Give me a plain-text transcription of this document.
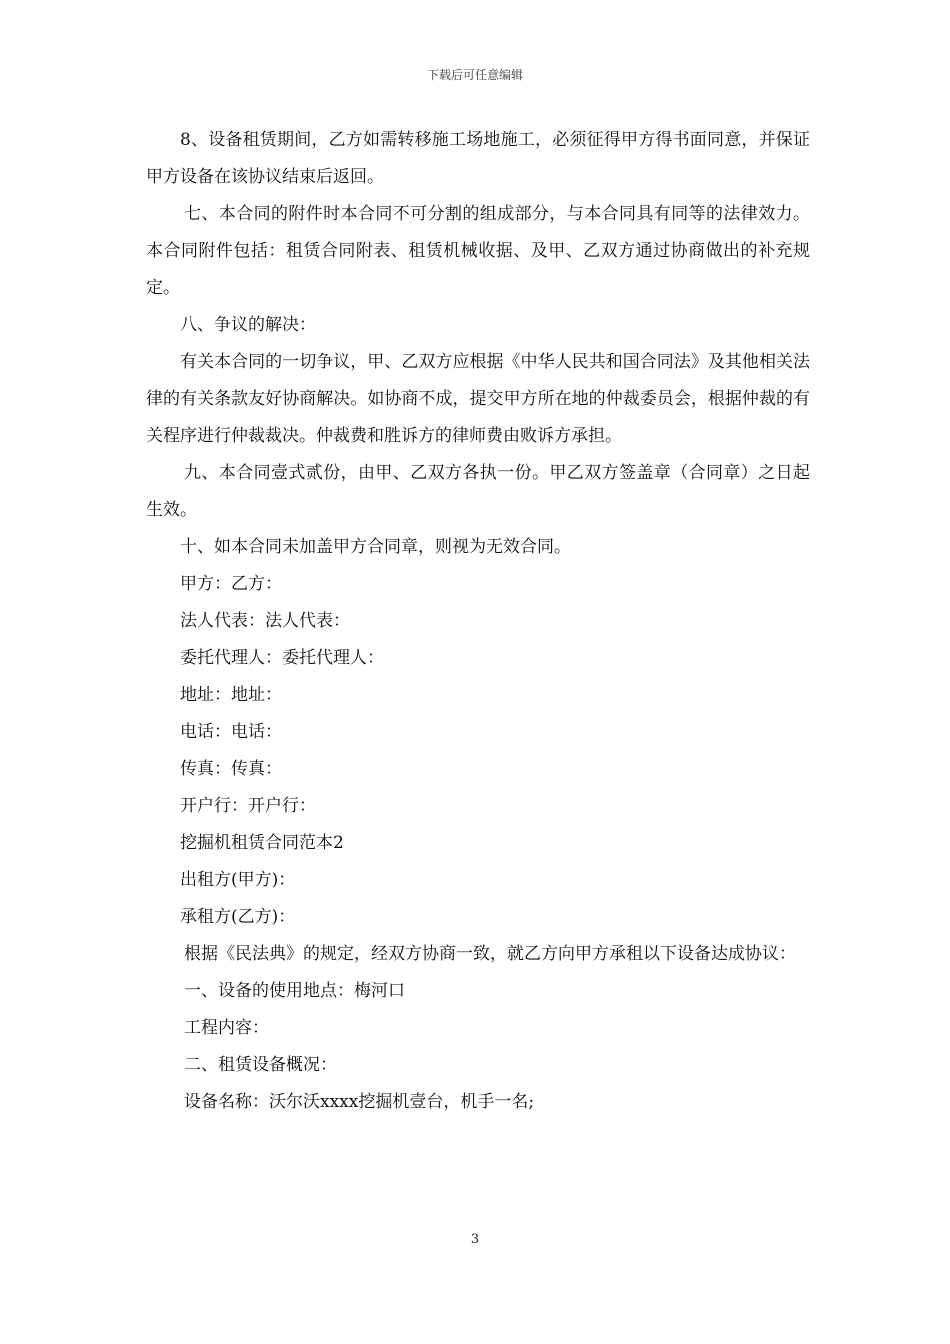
下载后可任意编辑

8、设备租赁期间，乙方如需转移施工场地施工，必须征得甲方得书面同意，并保证甲方设备在该协议结束后返回。

七、本合同的附件时本合同不可分割的组成部分，与本合同具有同等的法律效力。本合同附件包括：租赁合同附表、租赁机械收据、及甲、乙双方通过协商做出的补充规定。

八、争议的解决：

有关本合同的一切争议，甲、乙双方应根据《中华人民共和国合同法》及其他相关法律的有关条款友好协商解决。如协商不成，提交甲方所在地的仲裁委员会，根据仲裁的有关程序进行仲裁裁决。仲裁费和胜诉方的律师费由败诉方承担。

九、本合同壹式贰份，由甲、乙双方各执一份。甲乙双方签盖章（合同章）之日起生效。

十、如本合同未加盖甲方合同章，则视为无效合同。

甲方：乙方：

法人代表：法人代表：

委托代理人：委托代理人：

地址：地址：

电话：电话：

传真：传真：

开户行：开户行：

挖掘机租赁合同范本2

出租方(甲方)：

承租方(乙方)：

根据《民法典》的规定，经双方协商一致，就乙方向甲方承租以下设备达成协议：

一、设备的使用地点：梅河口

工程内容：

二、租赁设备概况：

设备名称：沃尔沃xxxx挖掘机壹台，机手一名;

3
